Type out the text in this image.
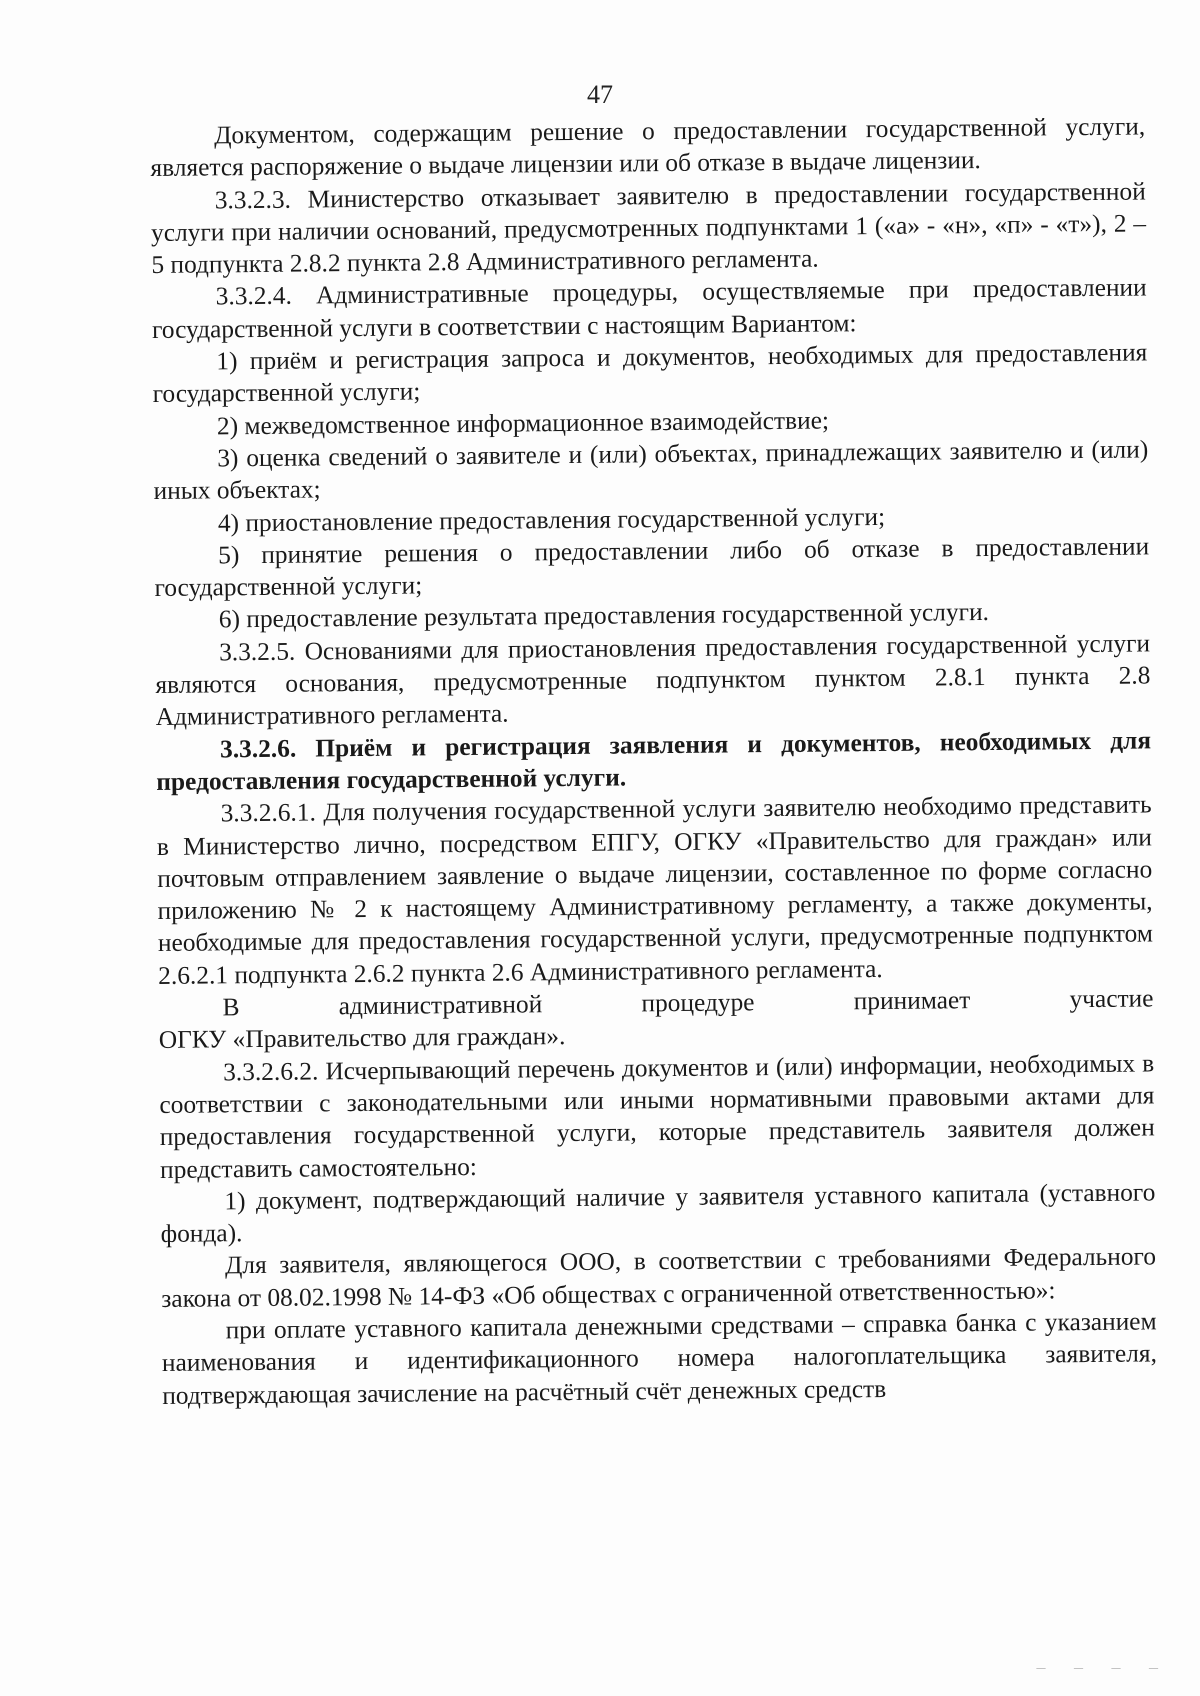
47

Документом, содержащим решение о предоставлении государственной услуги, является распоряжение о выдаче лицензии или об отказе в выдаче лицензии.

3.3.2.3. Министерство отказывает заявителю в предоставлении государственной услуги при наличии оснований, предусмотренных подпунктами 1 («а» - «н», «п» - «т»), 2 – 5 подпункта 2.8.2 пункта 2.8 Административного регламента.

3.3.2.4. Административные процедуры, осуществляемые при предоставлении государственной услуги в соответствии с настоящим Вариантом:

1) приём и регистрация запроса и документов, необходимых для предоставления государственной услуги;

2) межведомственное информационное взаимодействие;

3) оценка сведений о заявителе и (или) объектах, принадлежащих заявителю и (или) иных объектах;

4) приостановление предоставления государственной услуги;

5) принятие решения о предоставлении либо об отказе в предоставлении государственной услуги;

6) предоставление результата предоставления государственной услуги.

3.3.2.5. Основаниями для приостановления предоставления государственной услуги являются основания, предусмотренные подпунктом пунктом 2.8.1 пункта 2.8 Административного регламента.

3.3.2.6. Приём и регистрация заявления и документов, необходимых для предоставления государственной услуги.

3.3.2.6.1. Для получения государственной услуги заявителю необходимо представить в Министерство лично, посредством ЕПГУ, ОГКУ «Правительство для граждан» или почтовым отправлением заявление о выдаче лицензии, составленное по форме согласно приложению № 2 к настоящему Административному регламенту, а также документы, необходимые для предоставления государственной услуги, предусмотренные подпунктом 2.6.2.1 подпункта 2.6.2 пункта 2.6 Административного регламента.

В административной процедуре принимает участие

ОГКУ «Правительство для граждан».

3.3.2.6.2. Исчерпывающий перечень документов и (или) информации, необходимых в соответствии с законодательными или иными нормативными правовыми актами для предоставления государственной услуги, которые представитель заявителя должен представить самостоятельно:

1) документ, подтверждающий наличие у заявителя уставного капитала (уставного фонда).

Для заявителя, являющегося ООО, в соответствии с требованиями Федерального закона от 08.02.1998 № 14-ФЗ «Об обществах с ограниченной ответственностью»:

при оплате уставного капитала денежными средствами – справка банка с указанием наименования и идентификационного номера налогоплательщика заявителя, подтверждающая зачисление на расчётный счёт денежных средств

‒ ‒ ‒ ‒
